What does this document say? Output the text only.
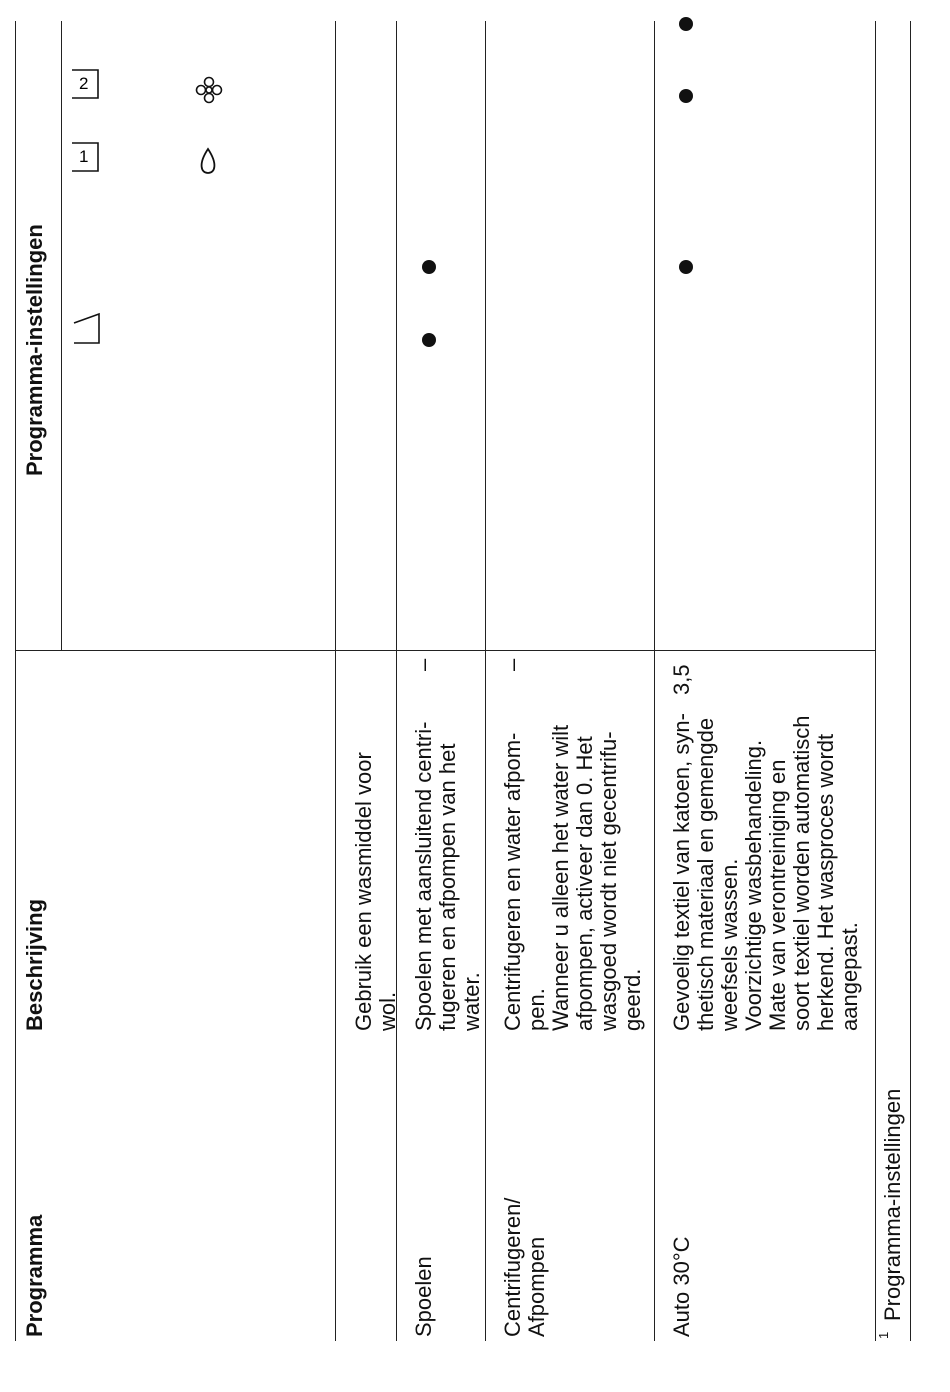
Programma
Beschrijving
Programma-instellingen
1
2
Gebruik een wasmiddel voor
wol.
Spoelen
Spoelen met aansluitend centri-
fugeren en afpompen van het
water.
–
Centrifugeren/
Afpompen
Centrifugeren en water afpom-
pen.
Wanneer u alleen het water wilt
afpompen, activeer dan 0. Het
wasgoed wordt niet gecentrifu-
geerd.
–
Auto 30°C
Gevoelig textiel van katoen, syn-
thetisch materiaal en gemengde
weefsels wassen.
Voorzichtige wasbehandeling.
Mate van verontreiniging en
soort textiel worden automatisch
herkend. Het wasproces wordt
aangepast.
3,5
1
Programma-instellingen
